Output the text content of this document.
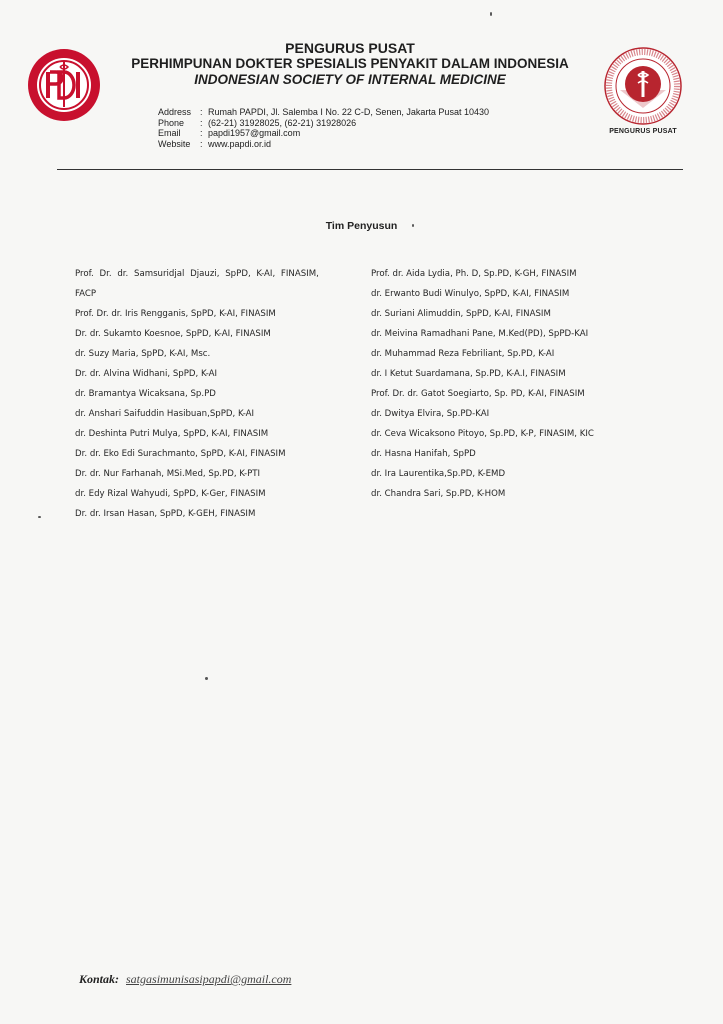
PENGURUS PUSAT
PERHIMPUNAN DOKTER SPESIALIS PENYAKIT DALAM INDONESIA
INDONESIAN SOCIETY OF INTERNAL MEDICINE
Address : Rumah PAPDI, Jl. Salemba I No. 22 C-D, Senen, Jakarta Pusat 10430
Phone	: (62-21) 31928025, (62-21) 31928026
Email	: papdi1957@gmail.com
Website	: www.papdi.or.id
PENGURUS PUSAT
Tim Penyusun
Prof. Dr. dr. Samsuridjal Djauzi, SpPD, K-AI, FINASIM,
FACP
Prof. Dr. dr. Iris Rengganis, SpPD, K-AI, FINASIM
Dr. dr. Sukamto Koesnoe, SpPD, K-AI, FINASIM
dr. Suzy Maria, SpPD, K-AI, Msc.
Dr. dr. Alvina Widhani, SpPD, K-AI
dr. Bramantya Wicaksana, Sp.PD
dr. Anshari Saifuddin Hasibuan,SpPD, K-AI
dr. Deshinta Putri Mulya, SpPD, K-AI, FINASIM
Dr. dr. Eko Edi Surachmanto, SpPD, K-AI, FINASIM
Dr. dr. Nur Farhanah, MSi.Med, Sp.PD, K-PTI
dr. Edy Rizal Wahyudi, SpPD, K-Ger, FINASIM
Dr. dr. Irsan Hasan, SpPD, K-GEH, FINASIM
Prof. dr. Aida Lydia, Ph. D, Sp.PD, K-GH, FINASIM
dr. Erwanto Budi Winulyo, SpPD, K-AI, FINASIM
dr. Suriani Alimuddin, SpPD, K-AI, FINASIM
dr. Meivina Ramadhani Pane, M.Ked(PD), SpPD-KAI
dr. Muhammad Reza Febriliant, Sp.PD, K-AI
dr. I Ketut Suardamana, Sp.PD, K-A.I, FINASIM
Prof. Dr. dr. Gatot Soegiarto, Sp. PD, K-AI, FINASIM
dr. Dwitya Elvira, Sp.PD-KAI
dr. Ceva Wicaksono Pitoyo, Sp.PD, K-P, FINASIM, KIC
dr. Hasna Hanifah, SpPD
dr. Ira Laurentika,Sp.PD, K-EMD
dr. Chandra Sari, Sp.PD, K-HOM
Kontak: satgasimunisasipapdi@gmail.com
